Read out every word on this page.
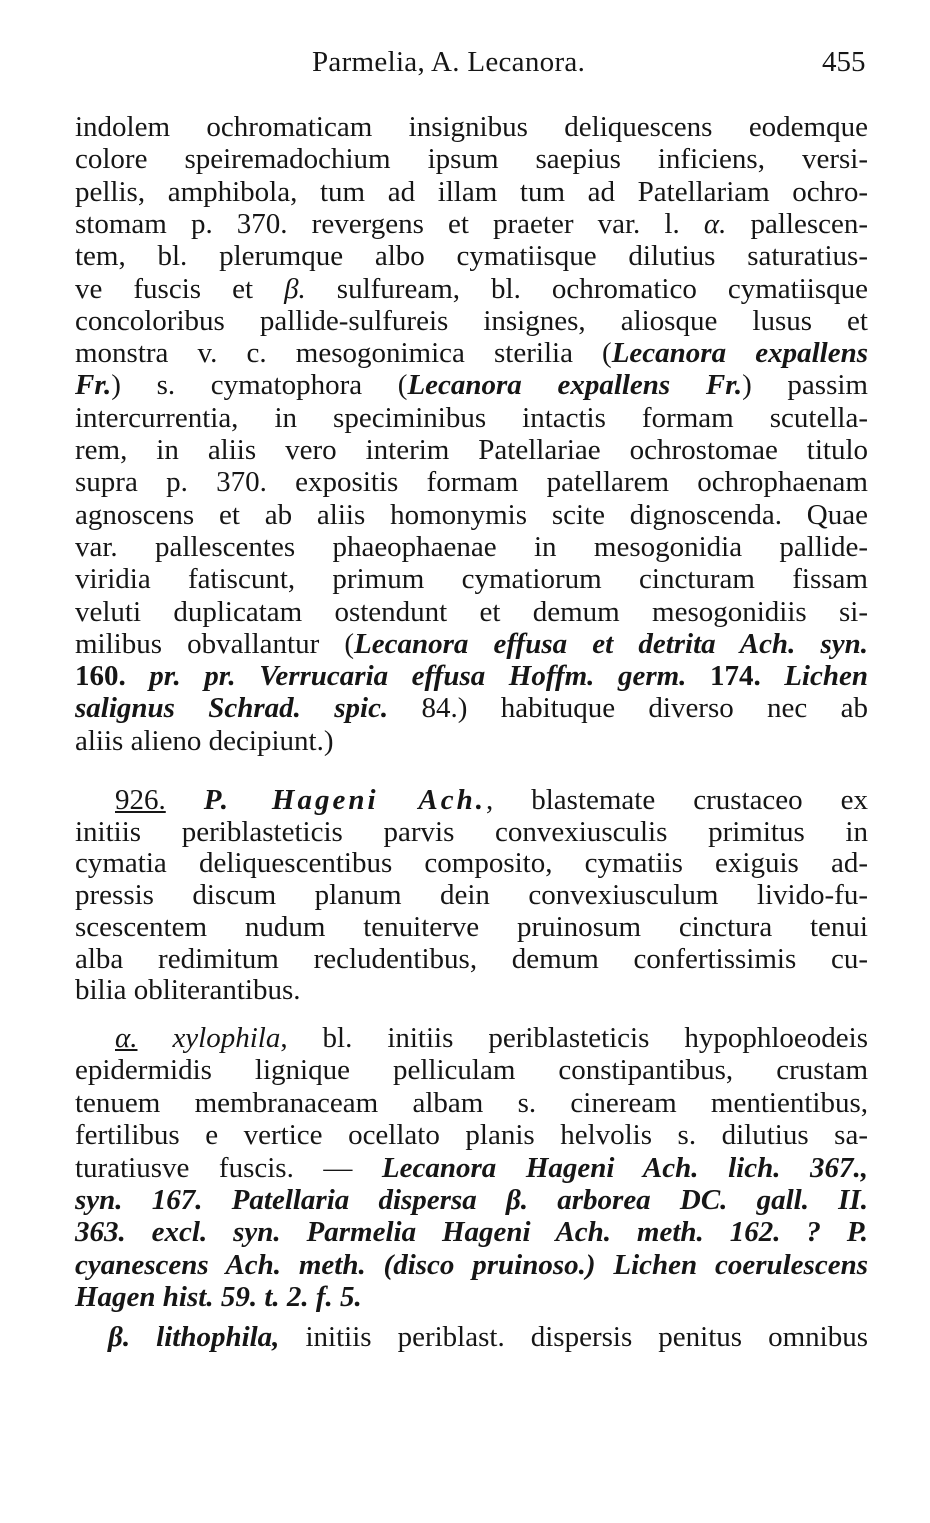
Parmelia, A. Lecanora.	455
indolem ochromaticam insignibus deliquescens eodemque
colore speiremadochium ipsum saepius inficiens, versi-
pellis, amphibola, tum ad illam tum ad Patellariam ochro-
stomam p. 370. revergens et praeter var. l. α. pallescen-
tem, bl. plerumque albo cymatiisque dilutius saturatius-
ve fuscis et β. sulfuream, bl. ochromatico cymatiisque
concoloribus pallide-sulfureis insignes, aliosque lusus et
monstra v. c. mesogonimica sterilia (Lecanora expallens
Fr.) s. cymatophora (Lecanora expallens Fr.) passim
intercurrentia, in speciminibus intactis formam scutella-
rem, in aliis vero interim Patellariae ochrostomae titulo
supra p. 370. expositis formam patellarem ochrophaenam
agnoscens et ab aliis homonymis scite dignoscenda. Quae
var. pallescentes phaeophaenae in mesogonidia pallide-
viridia fatiscunt, primum cymatiorum cincturam fissam
veluti duplicatam ostendunt et demum mesogonidiis si-
milibus obvallantur (Lecanora effusa et detrita Ach. syn.
160. pr. pr. Verrucaria effusa Hoffm. germ. 174. Lichen
salignus Schrad. spic. 84.) habituque diverso nec ab
aliis alieno decipiunt.)
926. P. Hageni Ach., blastemate crustaceo ex
initiis periblasteticis parvis convexiusculis primitus in
cymatia deliquescentibus composito, cymatiis exiguis ad-
pressis discum planum dein convexiusculum livido-fu-
scescentem nudum tenuiterve pruinosum cinctura tenui
alba redimitum recludentibus, demum confertissimis cu-
bilia obliterantibus.
α. xylophila, bl. initiis periblasteticis hypophloeodeis
epidermidis lignique pelliculam constipantibus, crustam
tenuem membranaceam albam s. cineream mentientibus,
fertilibus e vertice ocellato planis helvolis s. dilutius sa-
turatiusve fuscis. — Lecanora Hageni Ach. lich. 367.,
syn. 167. Patellaria dispersa β. arborea DC. gall. II.
363. excl. syn. Parmelia Hageni Ach. meth. 162. ? P.
cyanescens Ach. meth. (disco pruinoso.) Lichen coerulescens
Hagen hist. 59. t. 2. f. 5.
β. lithophila, initiis periblast. dispersis penitus omnibus
